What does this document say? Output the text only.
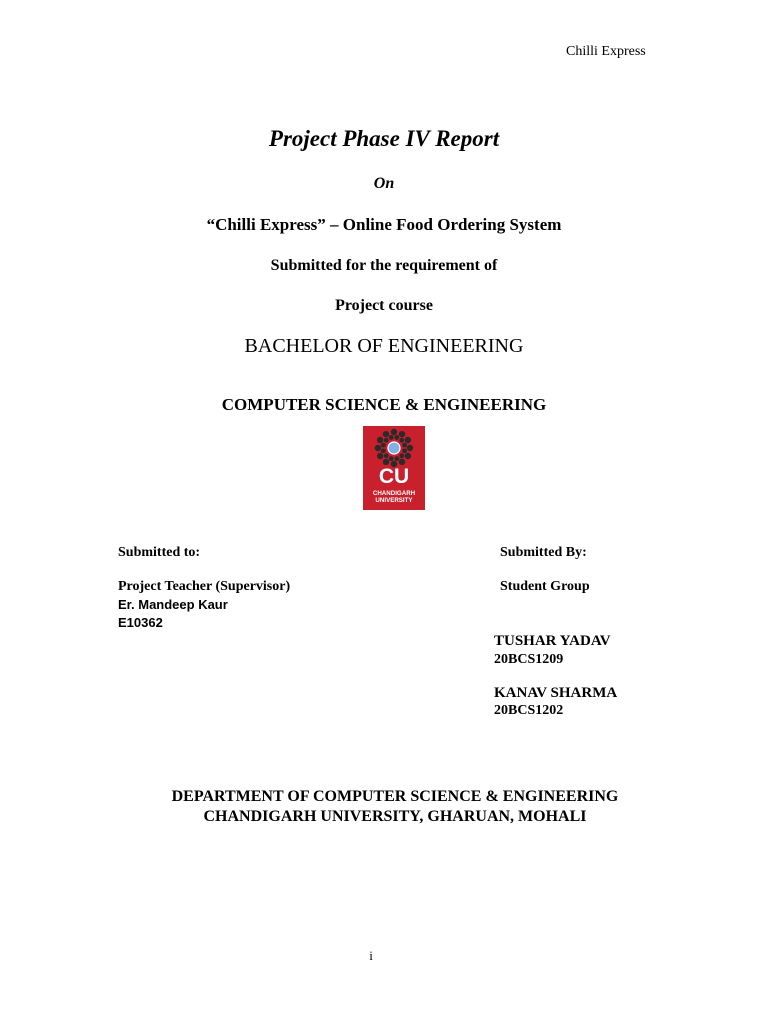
Chilli Express
Project Phase IV Report
On
“Chilli Express” – Online Food Ordering System
Submitted for the requirement of
Project course
BACHELOR OF ENGINEERING
COMPUTER SCIENCE & ENGINEERING
CU
CHANDIGARH
UNIVERSITY
Submitted to:	Submitted By:
Project Teacher (Supervisor)
Er. Mandeep Kaur
E10362
Student Group
TUSHAR YADAV
20BCS1209
KANAV SHARMA
20BCS1202
DEPARTMENT OF COMPUTER SCIENCE & ENGINEERING
CHANDIGARH UNIVERSITY, GHARUAN, MOHALI
i
